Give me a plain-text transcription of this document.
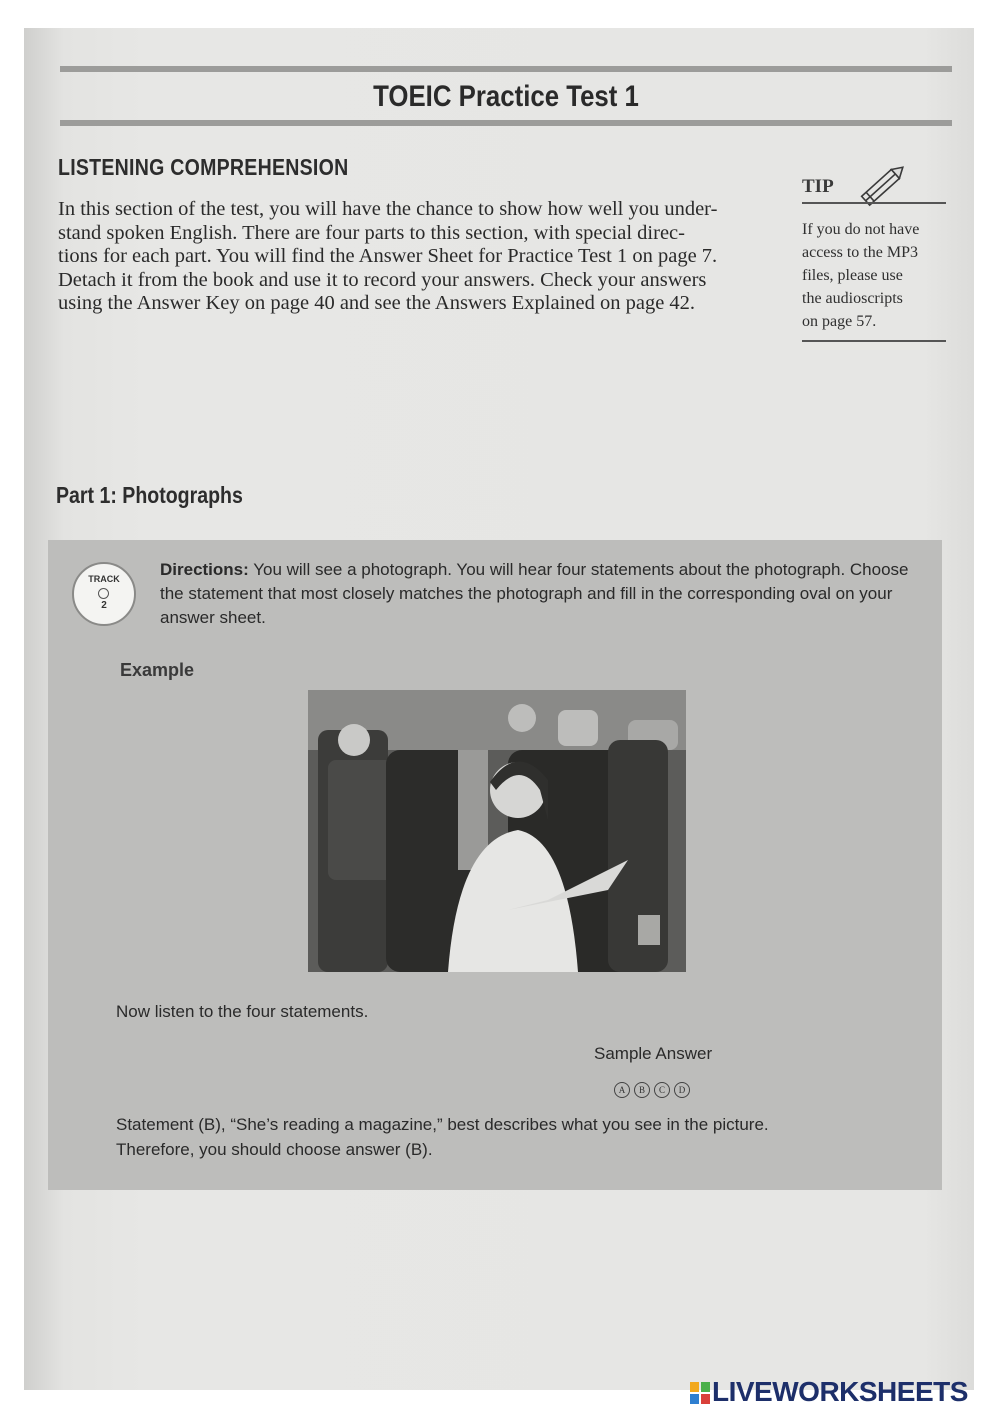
TOEIC Practice Test 1
LISTENING COMPREHENSION
In this section of the test, you will have the chance to show how well you under-
stand spoken English. There are four parts to this section, with special direc-
tions for each part. You will find the Answer Sheet for Practice Test 1 on page 7.
Detach it from the book and use it to record your answers. Check your answers
using the Answer Key on page 40 and see the Answers Explained on page 42.
TIP
If you do not have
access to the MP3
files, please use
the audioscripts
on page 57.
Part 1: Photographs
TRACK
2
Directions: You will see a photograph. You will hear four statements about the photograph. Choose the statement that most closely matches the photograph and fill in the corresponding oval on your answer sheet.
Example
Now listen to the four statements.
Sample Answer
A B C D
Statement (B), “She’s reading a magazine,” best describes what you see in the picture.
Therefore, you should choose answer (B).
LIVEWORKSHEETS
